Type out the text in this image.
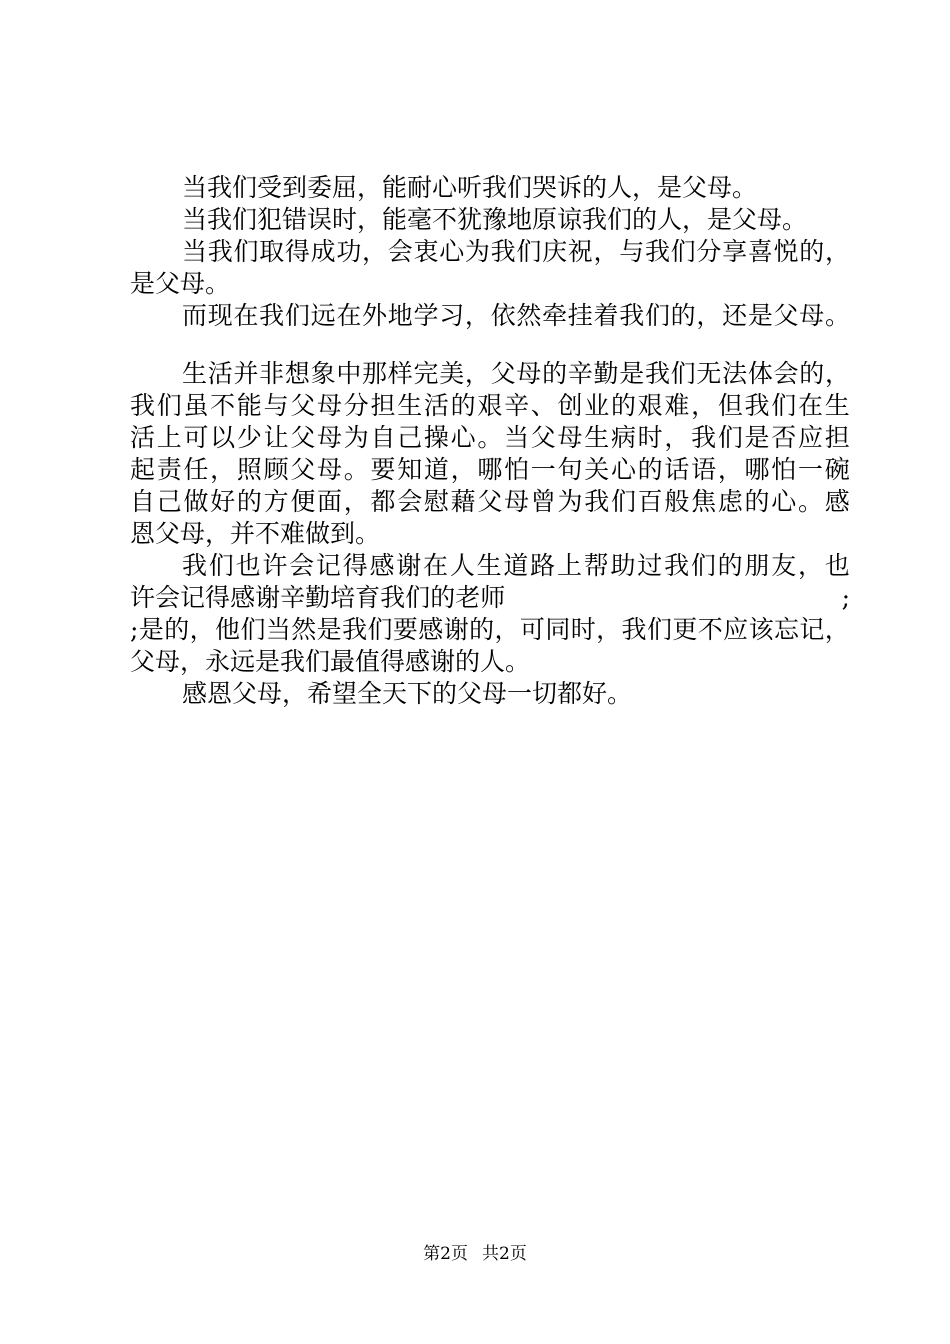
当我们受到委屈，能耐心听我们哭诉的人，是父母。
当我们犯错误时，能毫不犹豫地原谅我们的人，是父母。
当 我 们 取 得 成 功 ， 会 衷 心 为 我 们 庆 祝 ， 与 我 们 分 享 喜 悦 的 ，
是父母。
而 现 在 我 们 远 在 外 地 学 习 ， 依 然 牵 挂 着 我 们 的 ， 还 是 父 母 。
生 活 并 非 想 象 中 那 样 完 美 ， 父 母 的 辛 勤 是 我 们 无 法 体 会 的 ，
我 们 虽 不 能 与 父 母 分 担 生 活 的 艰 辛 、 创 业 的 艰 难 ， 但 我 们 在 生
活 上 可 以 少 让 父 母 为 自 己 操 心 。 当 父 母 生 病 时 ， 我 们 是 否 应 担
起 责 任 ， 照 顾 父 母 。 要 知 道 ， 哪 怕 一 句 关 心 的 话 语 ， 哪 怕 一 碗
自 己 做 好 的 方 便 面 ， 都 会 慰 藉 父 母 曾 为 我 们 百 般 焦 虑 的 心 。 感
恩父母，并不难做到。
我 们 也 许 会 记 得 感 谢 在 人 生 道 路 上 帮 助 过 我 们 的 朋 友 ， 也
许会记得感谢辛勤培育我们的老师	;
; 是 的 ， 他 们 当 然 是 我 们 要 感 谢 的 ， 可 同 时 ， 我 们 更 不 应 该 忘 记 ，
父母，永远是我们最值得感谢的人。
感恩父母，希望全天下的父母一切都好。
第2页 共2页
